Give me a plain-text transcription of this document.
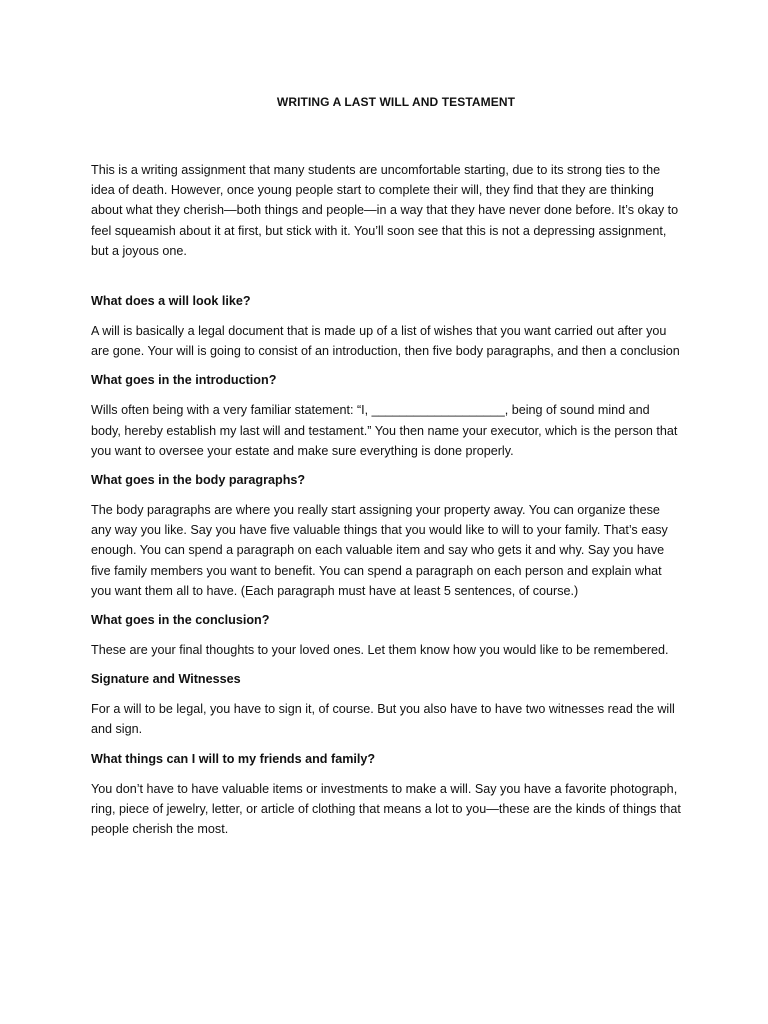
WRITING A LAST WILL AND TESTAMENT

This is a writing assignment that many students are uncomfortable starting, due to its strong ties to the idea of death. However, once young people start to complete their will, they find that they are thinking about what they cherish—both things and people—in a way that they have never done before. It’s okay to feel squeamish about it at first, but stick with it. You’ll soon see that this is not a depressing assignment, but a joyous one.

What does a will look like?

A will is basically a legal document that is made up of a list of wishes that you want carried out after you are gone. Your will is going to consist of an introduction, then five body paragraphs, and then a conclusion

What goes in the introduction?

Wills often being with a very familiar statement: “I, ___________________, being of sound mind and body, hereby establish my last will and testament.” You then name your executor, which is the person that you want to oversee your estate and make sure everything is done properly.

What goes in the body paragraphs?

The body paragraphs are where you really start assigning your property away. You can organize these any way you like. Say you have five valuable things that you would like to will to your family. That’s easy enough. You can spend a paragraph on each valuable item and say who gets it and why. Say you have five family members you want to benefit. You can spend a paragraph on each person and explain what you want them all to have. (Each paragraph must have at least 5 sentences, of course.)

What goes in the conclusion?

These are your final thoughts to your loved ones. Let them know how you would like to be remembered.

Signature and Witnesses

For a will to be legal, you have to sign it, of course. But you also have to have two witnesses read the will and sign.

What things can I will to my friends and family?

You don’t have to have valuable items or investments to make a will. Say you have a favorite photograph, ring, piece of jewelry, letter, or article of clothing that means a lot to you—these are the kinds of things that people cherish the most.
